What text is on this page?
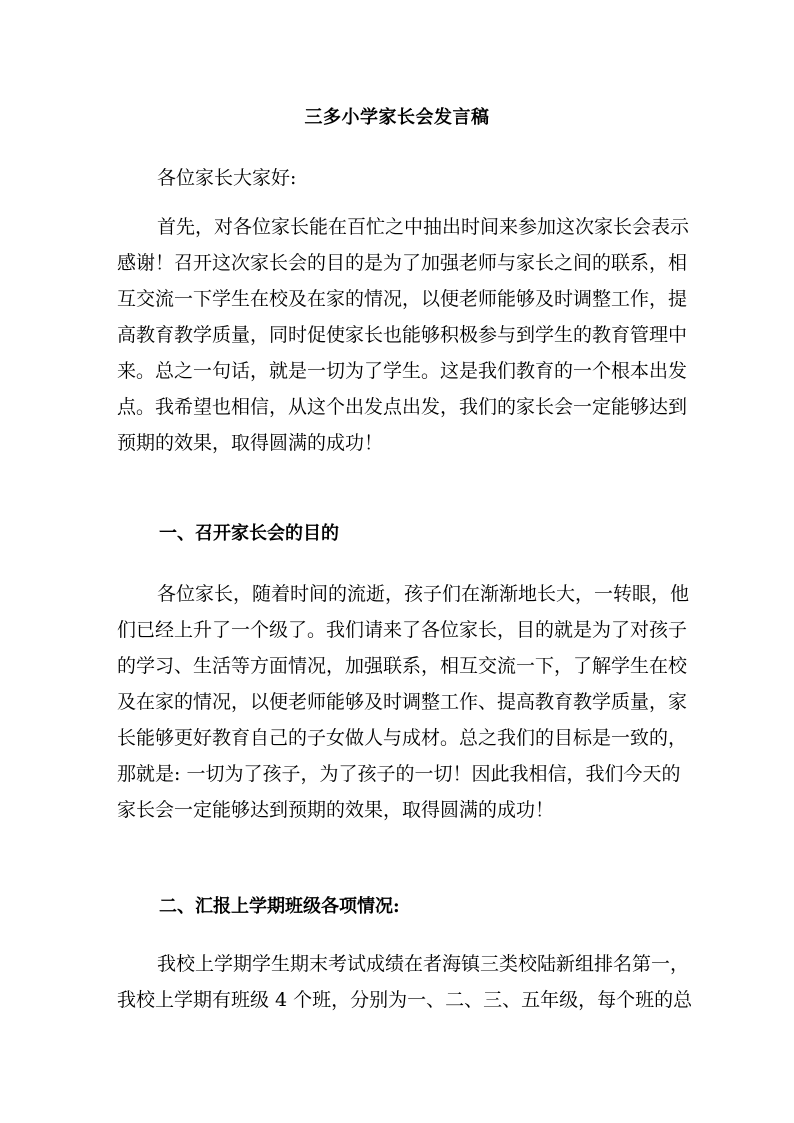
三多小学家长会发言稿
各位家长大家好:
首先，对各位家长能在百忙之中抽出时间来参加这次家长会表示
感谢！召开这次家长会的目的是为了加强老师与家长之间的联系，相
互交流一下学生在校及在家的情况，以便老师能够及时调整工作，提
高教育教学质量，同时促使家长也能够积极参与到学生的教育管理中
来。总之一句话，就是一切为了学生。这是我们教育的一个根本出发
点。我希望也相信，从这个出发点出发，我们的家长会一定能够达到
预期的效果，取得圆满的成功！
一、召开家长会的目的
各位家长，随着时间的流逝，孩子们在渐渐地长大，一转眼，他
们已经上升了一个级了。我们请来了各位家长，目的就是为了对孩子
的学习、生活等方面情况，加强联系，相互交流一下，了解学生在校
及在家的情况，以便老师能够及时调整工作、提高教育教学质量，家
长能够更好教育自己的子女做人与成材。总之我们的目标是一致的，
那就是: 一切为了孩子，为了孩子的一切！因此我相信，我们今天的
家长会一定能够达到预期的效果，取得圆满的成功！
二、汇报上学期班级各项情况:
我校上学期学生期末考试成绩在者海镇三类校陆新组排名第一，
我校上学期有班级 4 个班，分别为一、二、三、五年级，每个班的总
